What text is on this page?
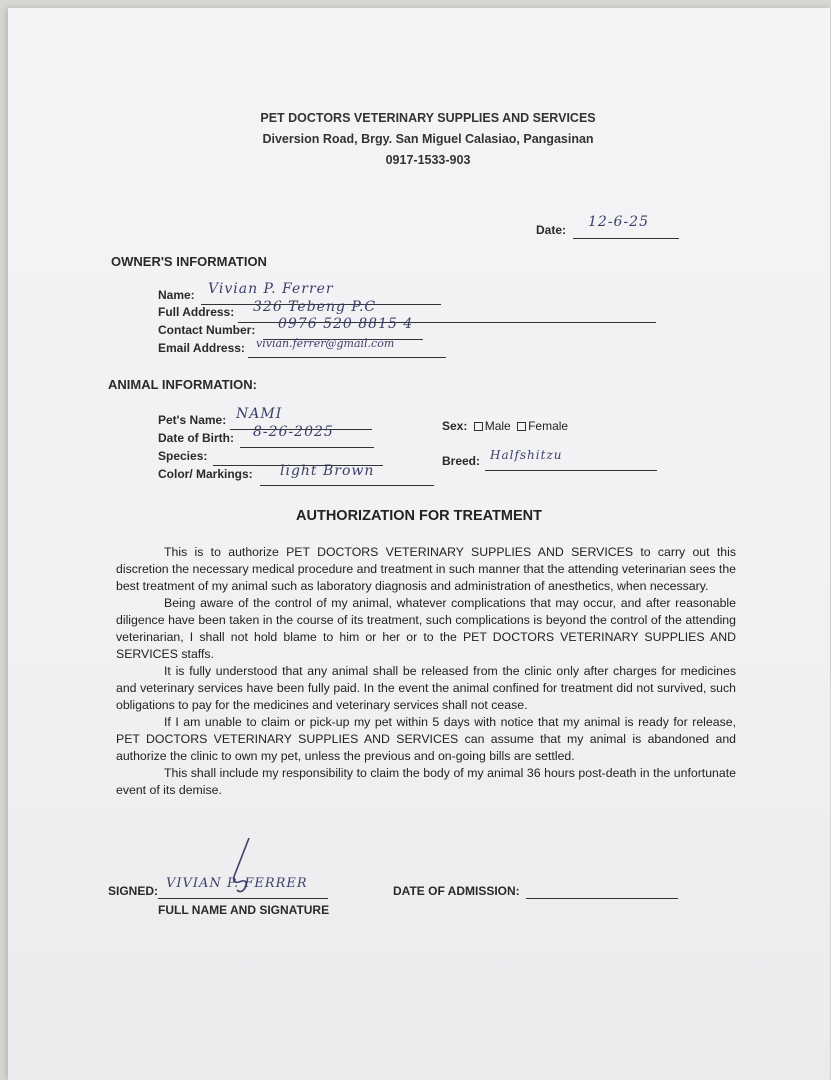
PET DOCTORS VETERINARY SUPPLIES AND SERVICES
Diversion Road, Brgy. San Miguel Calasiao, Pangasinan
0917-1533-903
Date: 12-6-25
OWNER'S INFORMATION
Name: Vivian P. Ferrer
Full Address: 326 Tebeng P.C
Contact Number: 0976 520 8815 4
Email Address: vivian.ferrer@gmail.com
ANIMAL INFORMATION:
Pet's Name: NAMI
Date of Birth: 8-26-2025
Species:
Color/ Markings: light Brown
Sex: Male Female
Breed: Halfshitzu
AUTHORIZATION FOR TREATMENT

This is to authorize PET DOCTORS VETERINARY SUPPLIES AND SERVICES to carry out this discretion the necessary medical procedure and treatment in such manner that the attending veterinarian sees the best treatment of my animal such as laboratory diagnosis and administration of anesthetics, when necessary.

Being aware of the control of my animal, whatever complications that may occur, and after reasonable diligence have been taken in the course of its treatment, such complications is beyond the control of the attending veterinarian, I shall not hold blame to him or her or to the PET DOCTORS VETERINARY SUPPLIES AND SERVICES staffs.

It is fully understood that any animal shall be released from the clinic only after charges for medicines and veterinary services have been fully paid. In the event the animal confined for treatment did not survived, such obligations to pay for the medicines and veterinary services shall not cease.

If I am unable to claim or pick-up my pet within 5 days with notice that my animal is ready for release, PET DOCTORS VETERINARY SUPPLIES AND SERVICES can assume that my animal is abandoned and authorize the clinic to own my pet, unless the previous and on-going bills are settled.

This shall include my responsibility to claim the body of my animal 36 hours post-death in the unfortunate event of its demise.

SIGNED: VIVIAN P. FERRER
FULL NAME AND SIGNATURE
DATE OF ADMISSION:
